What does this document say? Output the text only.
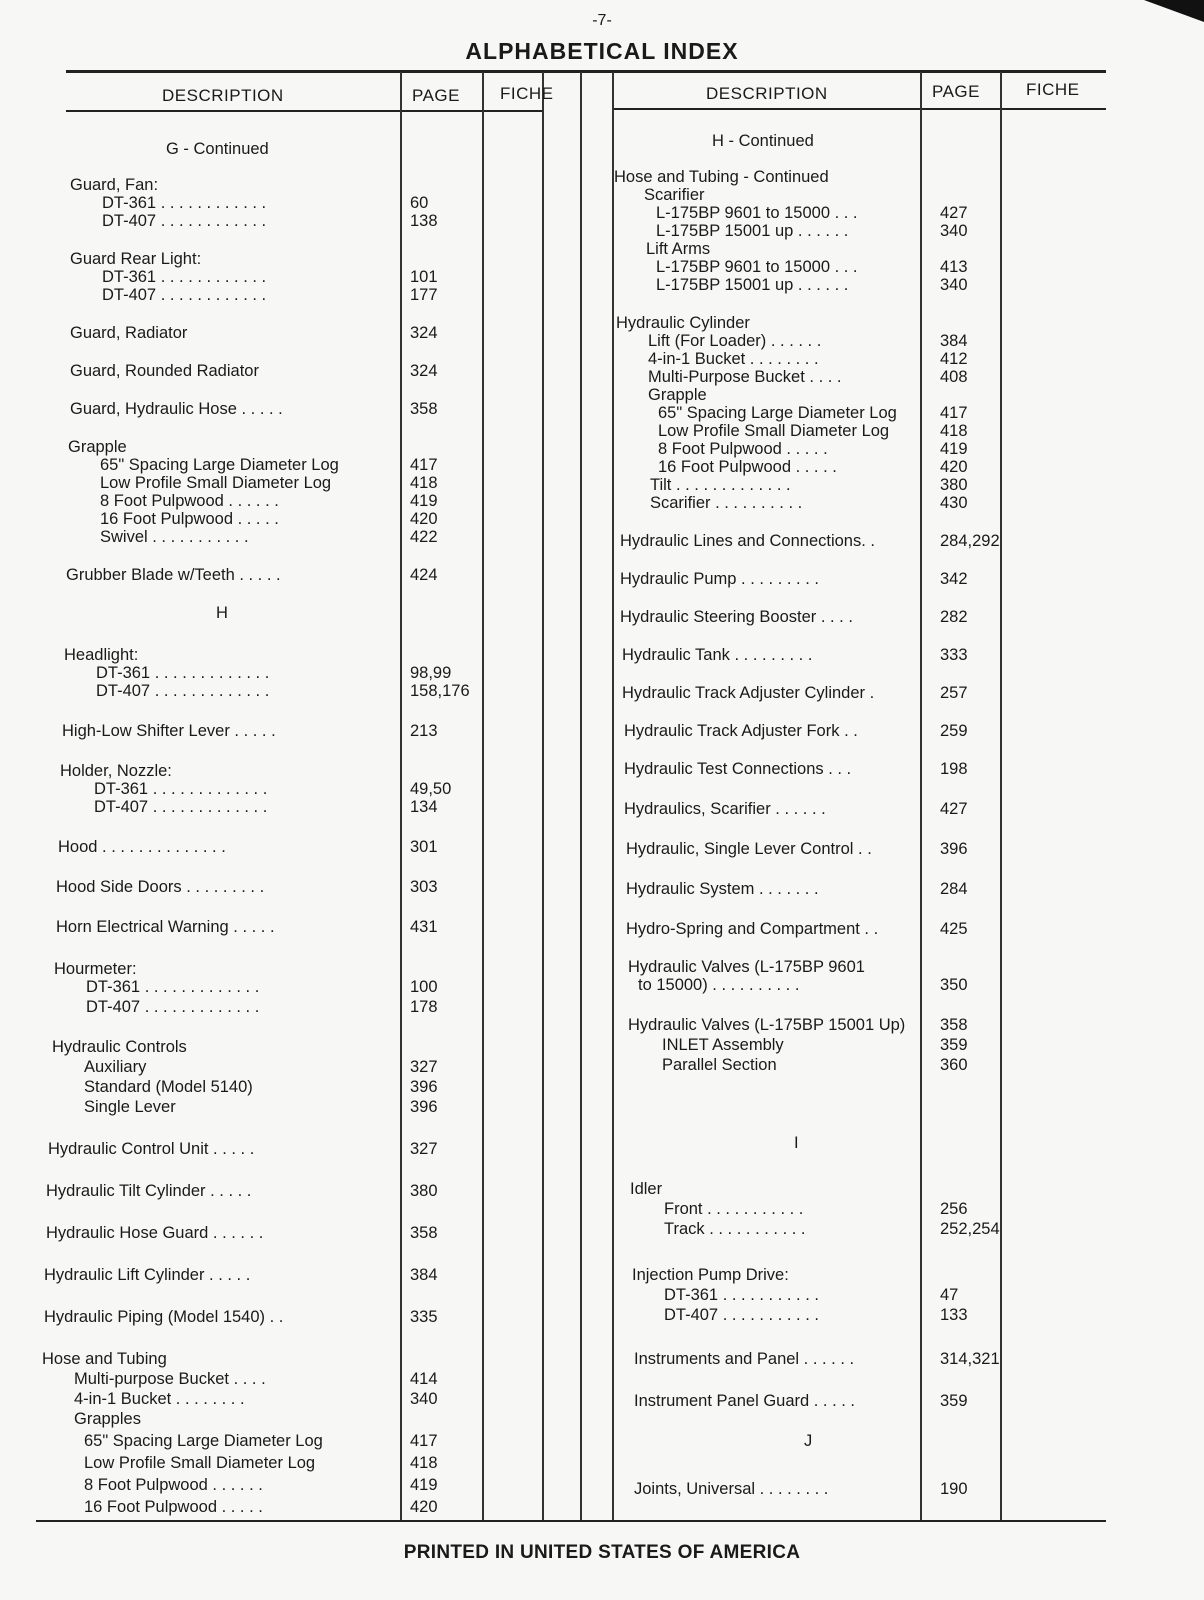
-7-
ALPHABETICAL INDEX
DESCRIPTION	PAGE FICHE	DESCRIPTION	PAGE	FICHE
G - Continued
Guard, Fan:
DT-361 . . . . . . . . . . . .	60
DT-407 . . . . . . . . . . . .	138
Guard Rear Light:
DT-361 . . . . . . . . . . . .	101
DT-407 . . . . . . . . . . . .	177
Guard, Radiator	324
Guard, Rounded Radiator	324
Guard, Hydraulic Hose . . . . .	358
Grapple
65" Spacing Large Diameter Log	417
Low Profile Small Diameter Log	418
8 Foot Pulpwood . . . . . .	419
16 Foot Pulpwood . . . . .	420
Swivel . . . . . . . . . . .	422
Grubber Blade w/Teeth . . . . .	424
H
Headlight:
DT-361 . . . . . . . . . . . . .	98,99
DT-407 . . . . . . . . . . . . .	158,176
High-Low Shifter Lever . . . . .	213
Holder, Nozzle:
DT-361 . . . . . . . . . . . . .	49,50
DT-407 . . . . . . . . . . . . .	134
Hood . . . . . . . . . . . . . .	301
Hood Side Doors . . . . . . . . .	303
Horn Electrical Warning . . . . .	431
Hourmeter:
DT-361 . . . . . . . . . . . . .	100
DT-407 . . . . . . . . . . . . .	178
Hydraulic Controls
Auxiliary	327
Standard (Model 5140)	396
Single Lever	396
Hydraulic Control Unit . . . . .	327
Hydraulic Tilt Cylinder . . . . .	380
Hydraulic Hose Guard . . . . . .	358
Hydraulic Lift Cylinder . . . . .	384
Hydraulic Piping (Model 1540) . .	335
Hose and Tubing
Multi-purpose Bucket . . . .	414
4-in-1 Bucket . . . . . . . .	340
Grapples
65" Spacing Large Diameter Log	417
Low Profile Small Diameter Log	418
8 Foot Pulpwood . . . . . .	419
16 Foot Pulpwood . . . . .	420
H - Continued
Hose and Tubing - Continued
Scarifier
L-175BP 9601 to 15000 . . .	427
L-175BP 15001 up . . . . . .	340
Lift Arms
L-175BP 9601 to 15000 . . .	413
L-175BP 15001 up . . . . . .	340
Hydraulic Cylinder
Lift (For Loader) . . . . . .	384
4-in-1 Bucket . . . . . . . .	412
Multi-Purpose Bucket . . . .	408
Grapple
65" Spacing Large Diameter Log	417
Low Profile Small Diameter Log	418
8 Foot Pulpwood . . . . .	419
16 Foot Pulpwood . . . . .	420
Tilt . . . . . . . . . . . . .	380
Scarifier . . . . . . . . . .	430
Hydraulic Lines and Connections. .	284,292
Hydraulic Pump . . . . . . . . .	342
Hydraulic Steering Booster . . . .	282
Hydraulic Tank . . . . . . . . .	333
Hydraulic Track Adjuster Cylinder .	257
Hydraulic Track Adjuster Fork . .	259
Hydraulic Test Connections . . .	198
Hydraulics, Scarifier . . . . . .	427
Hydraulic, Single Lever Control . .	396
Hydraulic System . . . . . . .	284
Hydro-Spring and Compartment . .	425
Hydraulic Valves (L-175BP 9601
to 15000) . . . . . . . . . .	350
Hydraulic Valves (L-175BP 15001 Up) 358
INLET Assembly	359
Parallel Section	360
I
Idler
Front . . . . . . . . . . .	256
Track . . . . . . . . . . .	252,254
Injection Pump Drive:
DT-361 . . . . . . . . . . .	47
DT-407 . . . . . . . . . . .	133
Instruments and Panel . . . . . .	314,321
Instrument Panel Guard . . . . .	359
J
Joints, Universal . . . . . . . .	190
PRINTED IN UNITED STATES OF AMERICA
